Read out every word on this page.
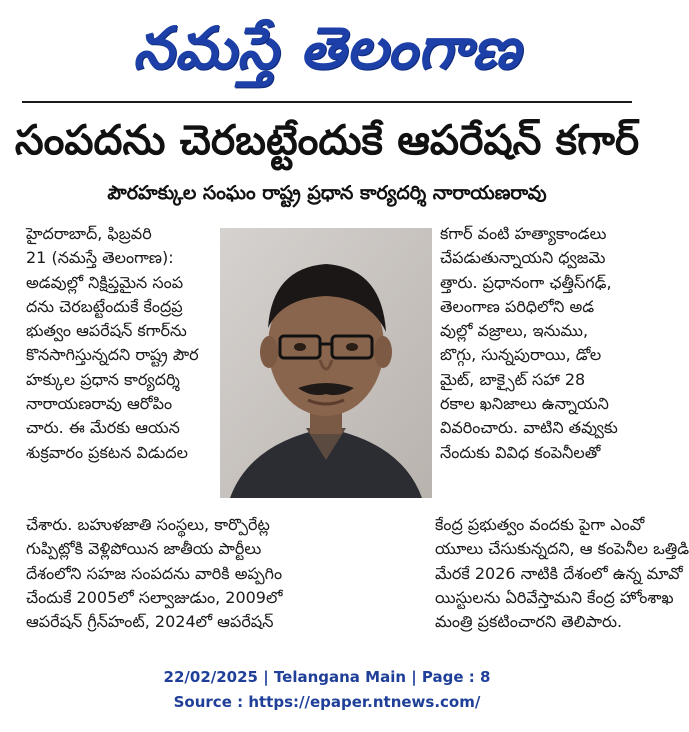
నమస్తే తెలంగాణ
సంపదను చెరబట్టేందుకే ఆపరేషన్ కగార్
పౌరహక్కుల సంఘం రాష్ట్ర ప్రధాన కార్యదర్శి నారాయణరావు
హైదరాబాద్, ఫిబ్రవరి
21 (నమస్తే తెలంగాణ):
అడవుల్లో నిక్షిప్తమైన సంప
దను చెరబట్టేందుకే కేంద్రప్ర
భుత్వం ఆపరేషన్ కగార్‌ను
కొనసాగిస్తున్నదని రాష్ట్ర పౌర
హక్కుల ప్రధాన కార్యదర్శి
నారాయణరావు ఆరోపిం
చారు. ఈ మేరకు ఆయన
శుక్రవారం ప్రకటన విడుదల
కగార్ వంటి హత్యాకాండలు
చేపడుతున్నాయని ధ్వజమె
త్తారు. ప్రధానంగా ఛత్తీస్‌గఢ్,
తెలంగాణ పరిధిలోని అడ
వుల్లో వజ్రాలు, ఇనుము,
బొగ్గు, సున్నపురాయి, డోల
మైట్, బాక్సైట్ సహా 28
రకాల ఖనిజాలు ఉన్నాయని
వివరించారు. వాటిని తవ్వుకు
నేందుకు వివిధ కంపెనీలతో
చేశారు. బహుళజాతి సంస్థలు, కార్పొరేట్ల
గుప్పిట్లోకి వెళ్లిపోయిన జాతీయ పార్టీలు
దేశంలోని సహజ సంపదను వారికి అప్పగిం
చేందుకే 2005లో సల్వాజుడుం, 2009లో
ఆపరేషన్ గ్రీన్‌హంట్, 2024లో ఆపరేషన్
కేంద్ర ప్రభుత్వం వందకు పైగా ఎంవో
యూలు చేసుకున్నదని, ఆ కంపెనీల ఒత్తిడి
మేరకే 2026 నాటికి దేశంలో ఉన్న మావో
యిస్టులను ఏరివేస్తామని కేంద్ర హోంశాఖ
మంత్రి ప్రకటించారని తెలిపారు.
22/02/2025 | Telangana Main | Page : 8
Source : https://epaper.ntnews.com/
